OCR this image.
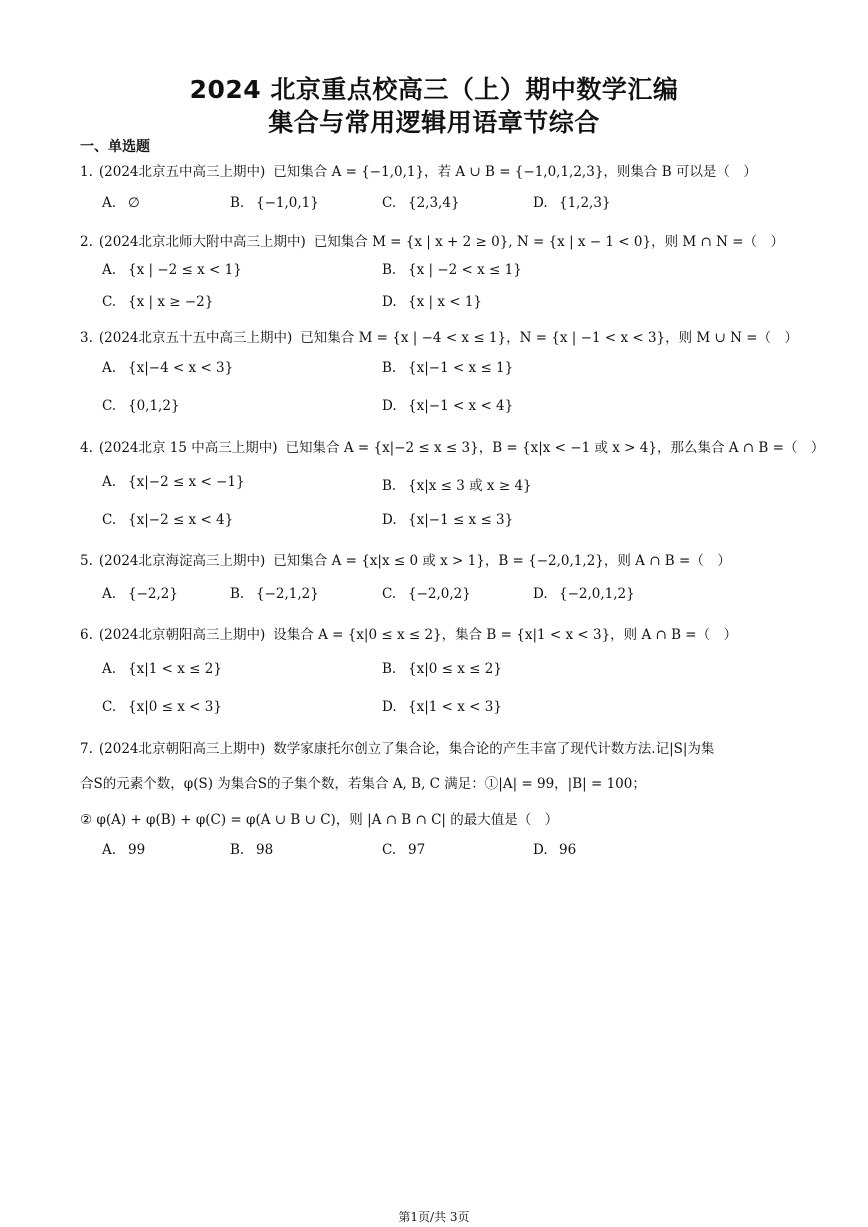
2024 北京重点校高三（上）期中数学汇编
集合与常用逻辑用语章节综合
一、单选题
1. (2024北京五中高三上期中) 已知集合 A = {−1,0,1}，若 A ∪ B = {−1,0,1,2,3}，则集合 B 可以是（　）
A. ∅	B. {−1,0,1}	C. {2,3,4}	D. {1,2,3}
2. (2024北京北师大附中高三上期中) 已知集合 M = {x | x + 2 ≥ 0}, N = {x | x − 1 < 0}，则 M ∩ N =（　）
A. {x | −2 ≤ x < 1}	B. {x | −2 < x ≤ 1}
C. {x | x ≥ −2}	D. {x | x < 1}
3. (2024北京五十五中高三上期中) 已知集合 M = {x | −4 < x ≤ 1}，N = {x | −1 < x < 3}，则 M ∪ N =（　）
A. {x|−4 < x < 3}	B. {x|−1 < x ≤ 1}
C. {0,1,2}	D. {x|−1 < x < 4}
4. (2024北京 15 中高三上期中) 已知集合 A = {x|−2 ≤ x ≤ 3}，B = {x|x < −1 或 x > 4}，那么集合 A ∩ B =（　）
A. {x|−2 ≤ x < −1}	B. {x|x ≤ 3 或 x ≥ 4}
C. {x|−2 ≤ x < 4}	D. {x|−1 ≤ x ≤ 3}
5. (2024北京海淀高三上期中) 已知集合 A = {x|x ≤ 0 或 x > 1}，B = {−2,0,1,2}，则 A ∩ B =（　）
A. {−2,2}	B. {−2,1,2}	C. {−2,0,2}	D. {−2,0,1,2}
6. (2024北京朝阳高三上期中) 设集合 A = {x|0 ≤ x ≤ 2}，集合 B = {x|1 < x < 3}，则 A ∩ B =（　）
A. {x|1 < x ≤ 2}	B. {x|0 ≤ x ≤ 2}
C. {x|0 ≤ x < 3}	D. {x|1 < x < 3}
7. (2024北京朝阳高三上期中) 数学家康托尔创立了集合论，集合论的产生丰富了现代计数方法.记|S|为集
合S的元素个数，φ(S) 为集合S的子集个数，若集合 A, B, C 满足：①|A| = 99，|B| = 100；
② φ(A) + φ(B) + φ(C) = φ(A ∪ B ∪ C)，则 |A ∩ B ∩ C| 的最大值是（　）
A. 99	B. 98	C. 97	D. 96
第1页/共 3页
